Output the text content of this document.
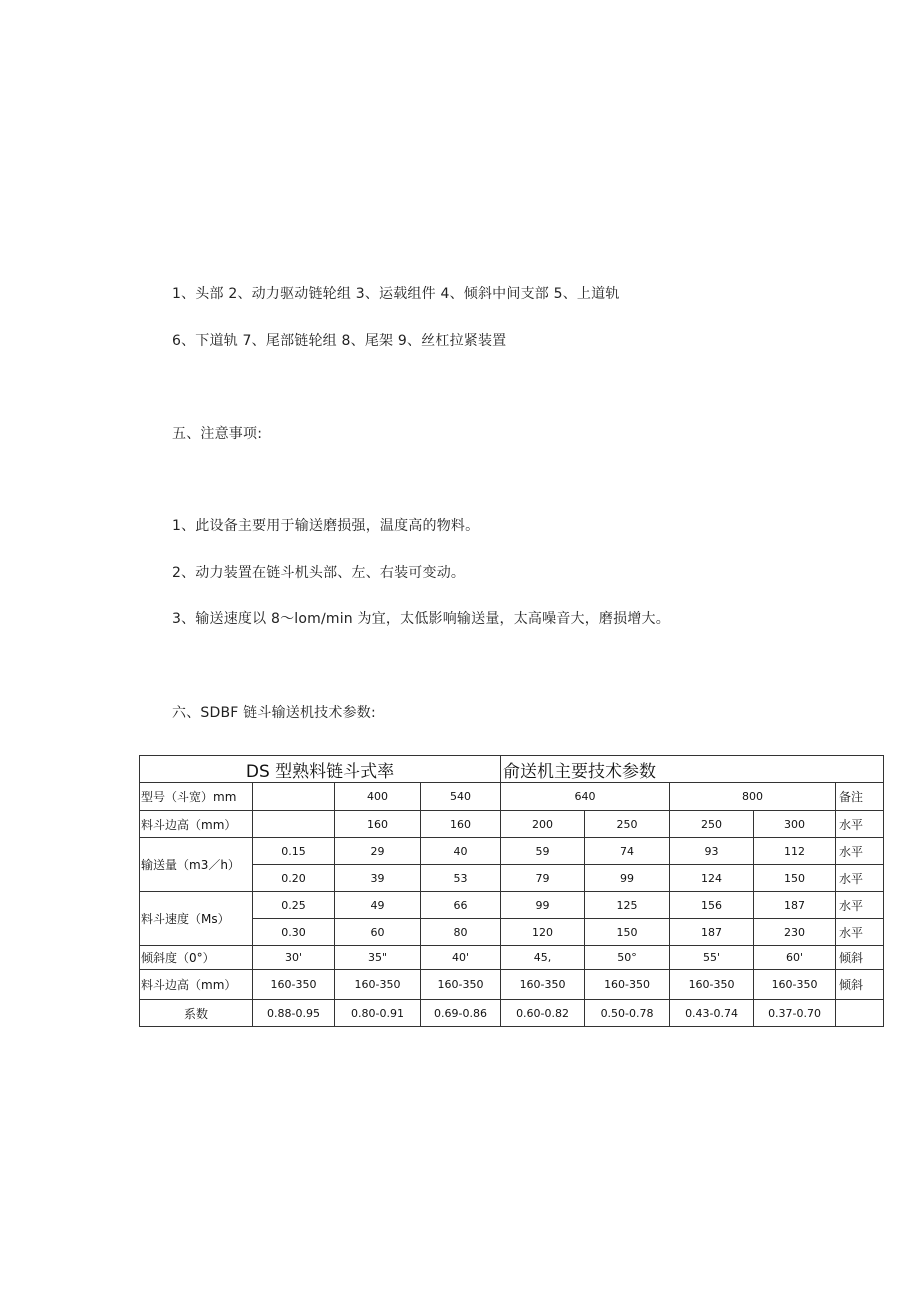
1、头部 2、动力驱动链轮组 3、运载组件 4、倾斜中间支部 5、上道轨
6、下道轨 7、尾部链轮组 8、尾架 9、丝杠拉紧装置
五、注意事项:
1、此设备主要用于输送磨损强，温度高的物料。
2、动力装置在链斗机头部、左、右装可变动。
3、输送速度以 8～lom∕min 为宜，太低影响输送量，太高噪音大，磨损增大。
六、SDBF 链斗输送机技术参数:
DS 型熟料链斗式率				俞送机主要技术参数				
型号（斗宽）mm		400	540	640		800		备注
料斗边高（mm）		160	160	200	250	250	300	水平
输送量（m3／h）	0.15	29	40	59	74	93	112	水平
	0.20	39	53	79	99	124	150	水平
料斗速度（Ms）	0.25	49	66	99	125	156	187	水平
	0.30	60	80	120	150	187	230	水平
倾斜度（0°）	30'	35"	40'	45,	50°	55'	60'	倾斜
料斗边高（mm）	160-350	160-350	160-350	160-350	160-350	160-350	160-350	倾斜
系数	0.88-0.95	0.80-0.91	0.69-0.86	0.60-0.82	0.50-0.78	0.43-0.74	0.37-0.70	
